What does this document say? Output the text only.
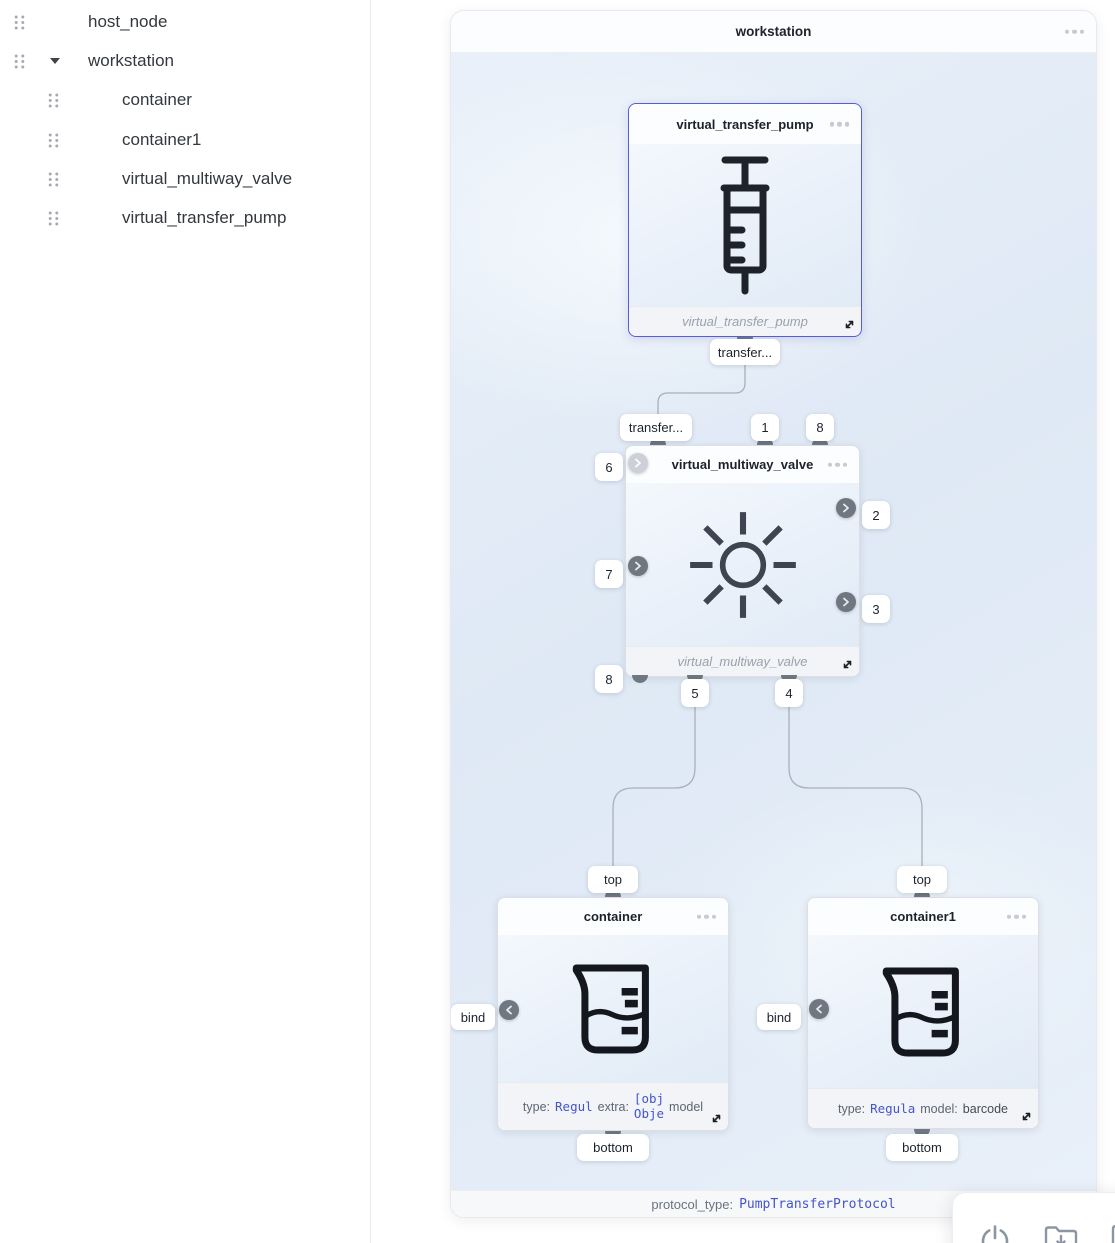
host_node
workstation
container
container1
virtual_multiway_valve
virtual_transfer_pump
workstation
virtual_transfer_pump
virtual_transfer_pump
transfer...
virtual_multiway_valve
virtual_multiway_valve
transfer...	1	8
6
7
8
2
3
5	4
container
type: Regul extra:
[obj
Obje model
top
bind
bottom
container1
type: Regula model: barcode
top
bind
bottom
protocol_type: PumpTransferProtocol
